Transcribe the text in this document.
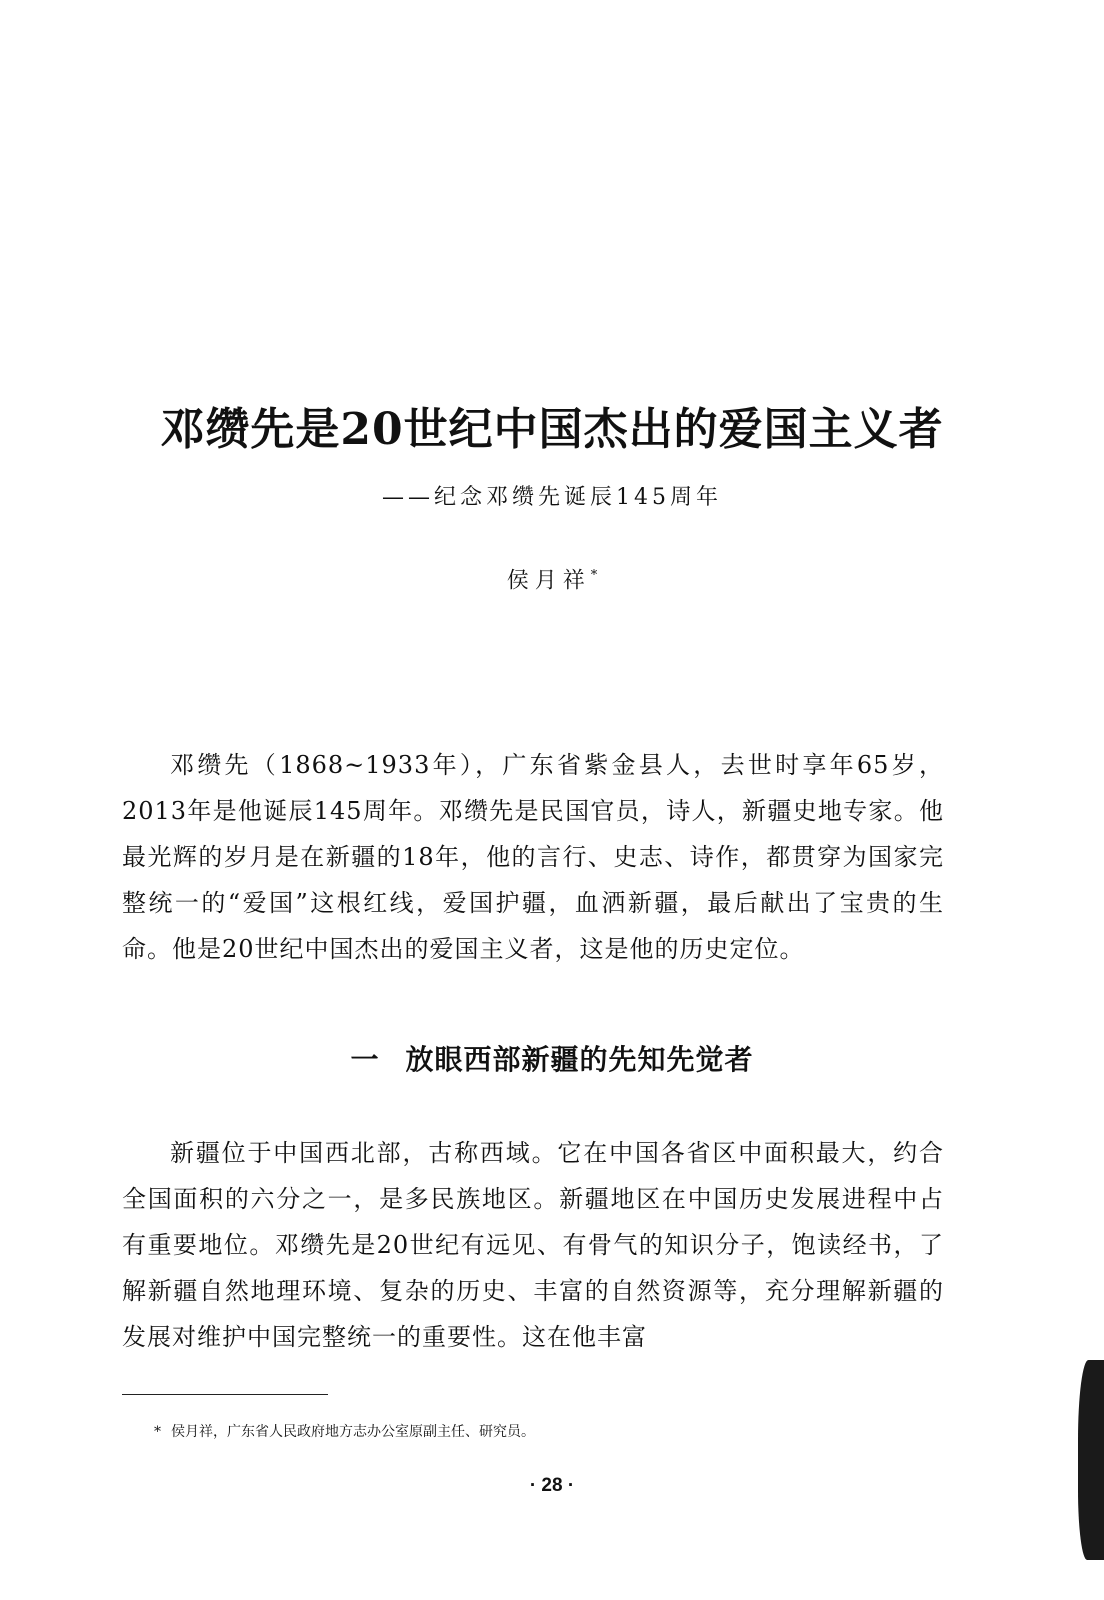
邓缵先是20世纪中国杰出的爱国主义者
——纪念邓缵先诞辰145周年
侯月祥*

邓缵先（1868~1933年），广东省紫金县人，去世时享年65岁，2013年是他诞辰145周年。邓缵先是民国官员，诗人，新疆史地专家。他最光辉的岁月是在新疆的18年，他的言行、史志、诗作，都贯穿为国家完整统一的“爱国”这根红线，爱国护疆，血洒新疆，最后献出了宝贵的生命。他是20世纪中国杰出的爱国主义者，这是他的历史定位。

一 放眼西部新疆的先知先觉者

新疆位于中国西北部，古称西域。它在中国各省区中面积最大，约合全国面积的六分之一，是多民族地区。新疆地区在中国历史发展进程中占有重要地位。邓缵先是20世纪有远见、有骨气的知识分子，饱读经书，了解新疆自然地理环境、复杂的历史、丰富的自然资源等，充分理解新疆的发展对维护中国完整统一的重要性。这在他丰富

* 侯月祥，广东省人民政府地方志办公室原副主任、研究员。
· 28 ·
